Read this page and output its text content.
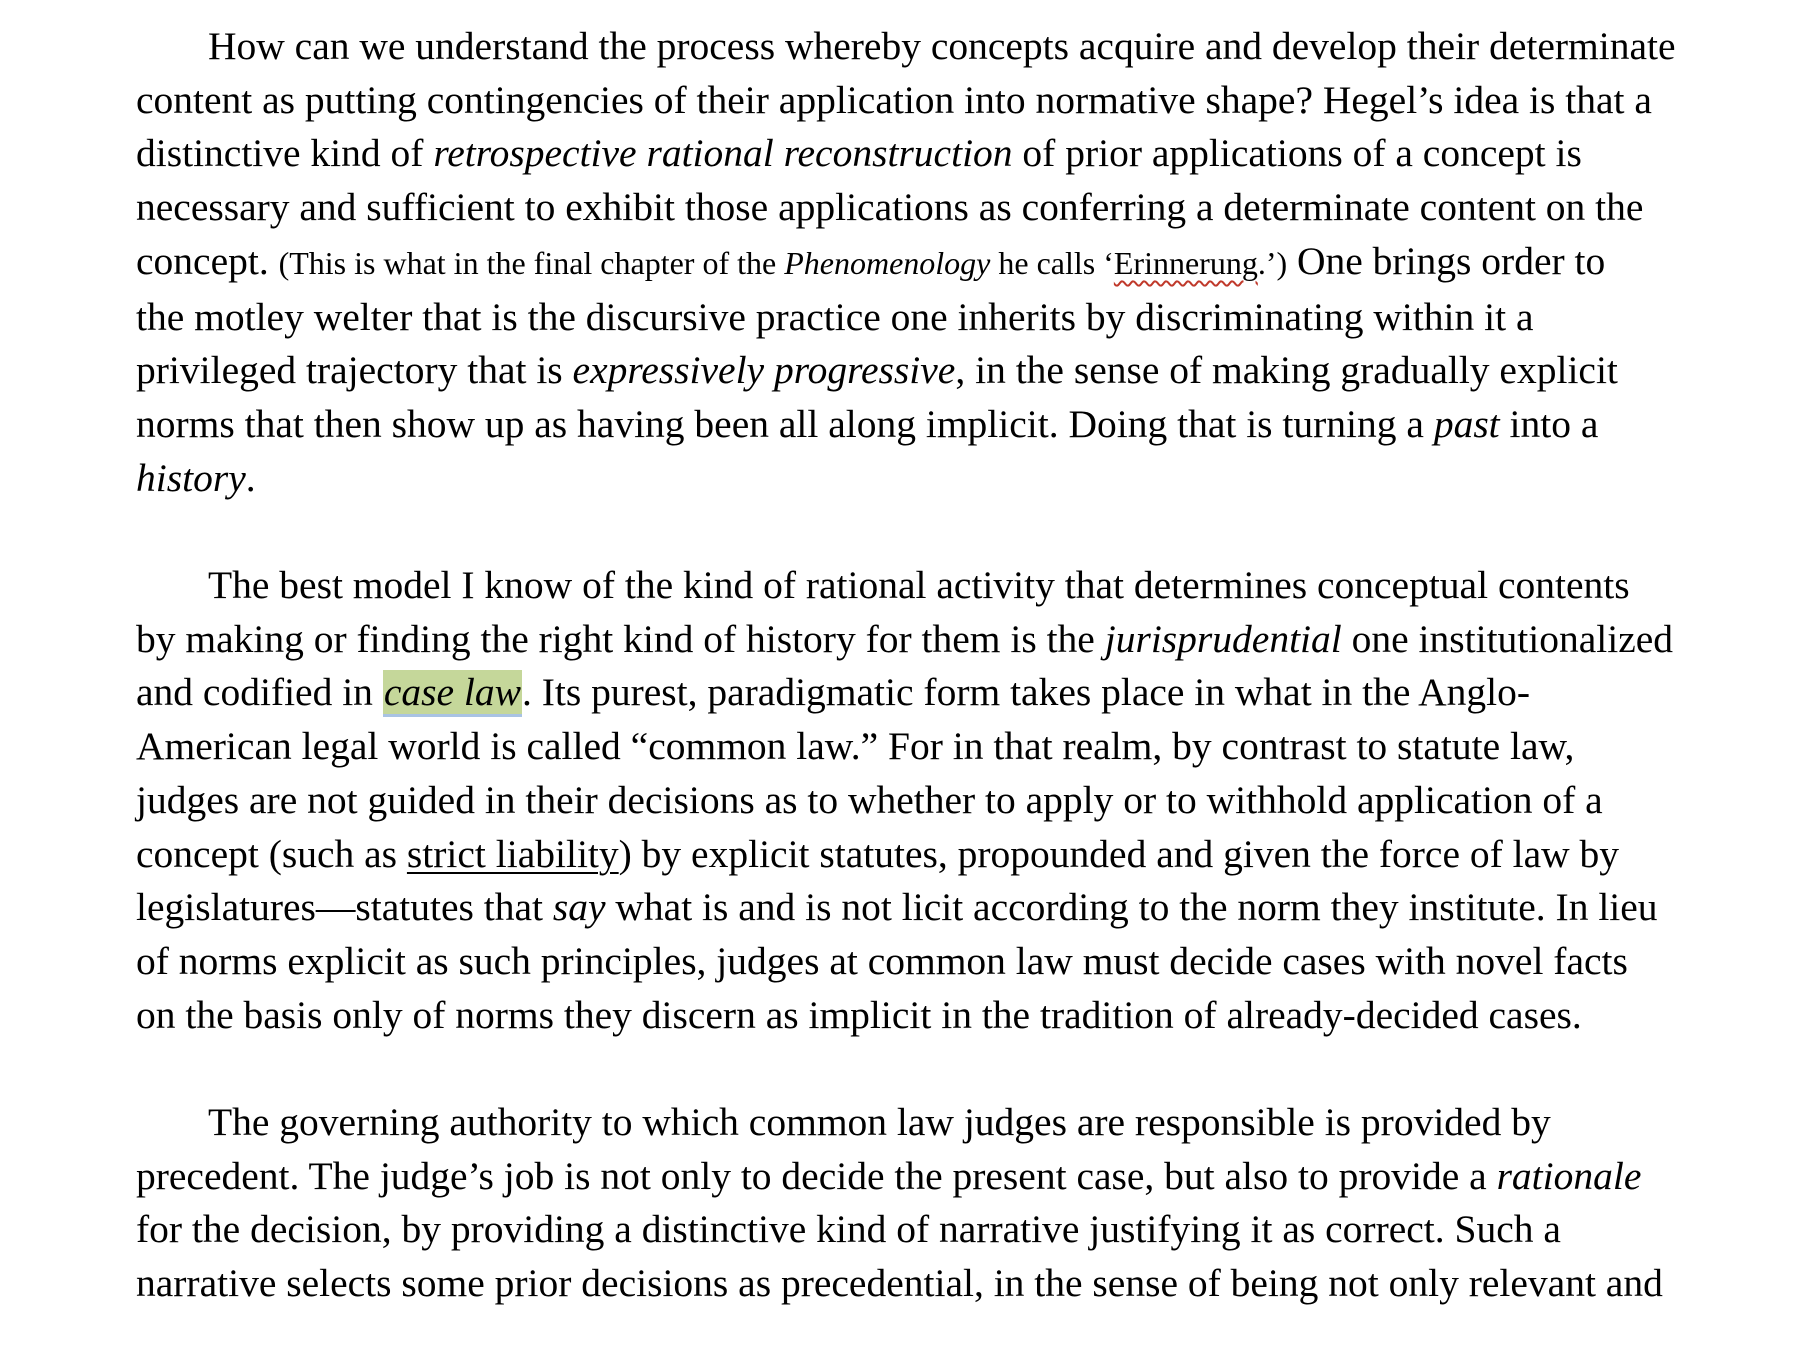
How can we understand the process whereby concepts acquire and develop their determinate
content as putting contingencies of their application into normative shape? Hegel’s idea is that a
distinctive kind of retrospective rational reconstruction of prior applications of a concept is
necessary and sufficient to exhibit those applications as conferring a determinate content on the
concept. (This is what in the final chapter of the Phenomenology he calls ‘Erinnerung.’) One brings order to
the motley welter that is the discursive practice one inherits by discriminating within it a
privileged trajectory that is expressively progressive, in the sense of making gradually explicit
norms that then show up as having been all along implicit. Doing that is turning a past into a
history.

The best model I know of the kind of rational activity that determines conceptual contents
by making or finding the right kind of history for them is the jurisprudential one institutionalized
and codified in case law. Its purest, paradigmatic form takes place in what in the Anglo-
American legal world is called “common law.” For in that realm, by contrast to statute law,
judges are not guided in their decisions as to whether to apply or to withhold application of a
concept (such as strict liability) by explicit statutes, propounded and given the force of law by
legislatures—statutes that say what is and is not licit according to the norm they institute. In lieu
of norms explicit as such principles, judges at common law must decide cases with novel facts
on the basis only of norms they discern as implicit in the tradition of already-decided cases.

The governing authority to which common law judges are responsible is provided by
precedent. The judge’s job is not only to decide the present case, but also to provide a rationale
for the decision, by providing a distinctive kind of narrative justifying it as correct. Such a
narrative selects some prior decisions as precedential, in the sense of being not only relevant and
